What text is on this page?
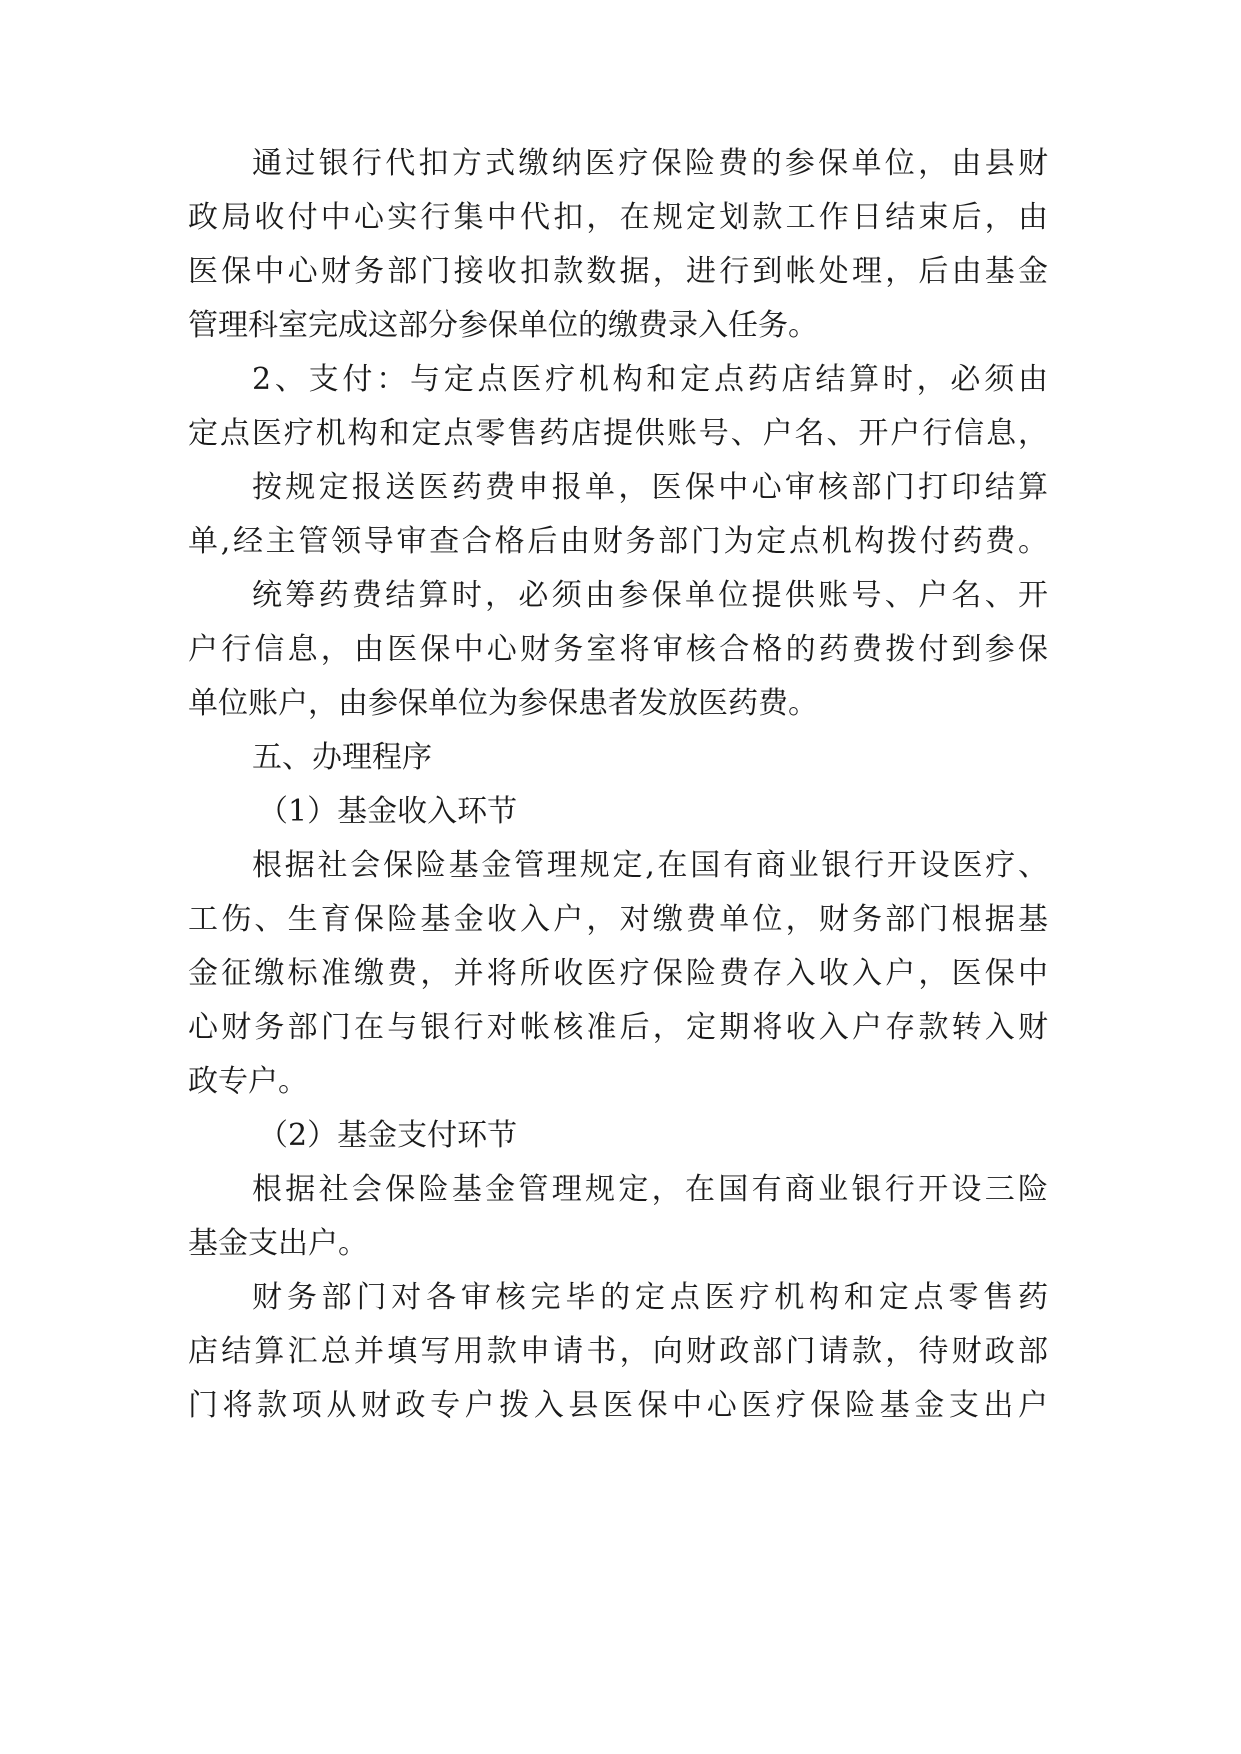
通过银行代扣方式缴纳医疗保险费的参保单位，由县财
政局收付中心实行集中代扣，在规定划款工作日结束后，由
医保中心财务部门接收扣款数据，进行到帐处理，后由基金
管理科室完成这部分参保单位的缴费录入任务。
2、支付：与定点医疗机构和定点药店结算时，必须由
定点医疗机构和定点零售药店提供账号、户名、开户行信息，
按规定报送医药费申报单，医保中心审核部门打印结算
单,经主管领导审查合格后由财务部门为定点机构拨付药费。
统筹药费结算时，必须由参保单位提供账号、户名、开
户行信息，由医保中心财务室将审核合格的药费拨付到参保
单位账户，由参保单位为参保患者发放医药费。
五、办理程序
（1）基金收入环节
根据社会保险基金管理规定,在国有商业银行开设医疗、
工伤、生育保险基金收入户，对缴费单位，财务部门根据基
金征缴标准缴费，并将所收医疗保险费存入收入户，医保中
心财务部门在与银行对帐核准后，定期将收入户存款转入财
政专户。
（2）基金支付环节
根据社会保险基金管理规定，在国有商业银行开设三险
基金支出户。
财务部门对各审核完毕的定点医疗机构和定点零售药
店结算汇总并填写用款申请书，向财政部门请款，待财政部
门将款项从财政专户拨入县医保中心医疗保险基金支出户
